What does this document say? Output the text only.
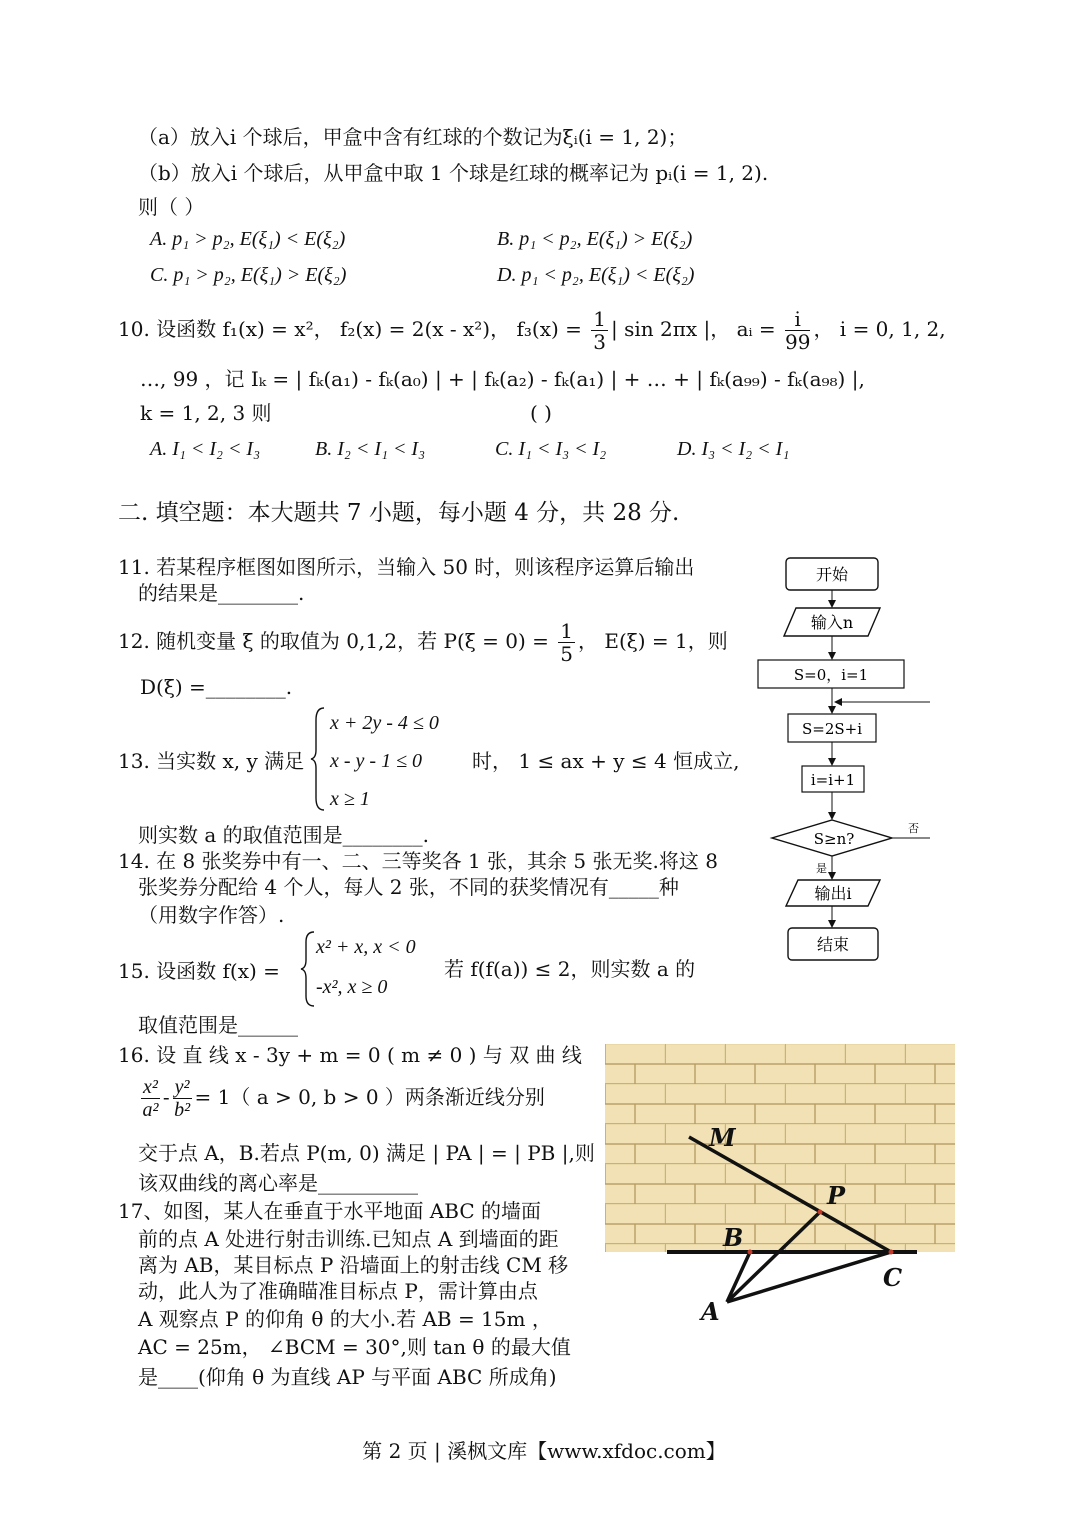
（a）放入i 个球后，甲盒中含有红球的个数记为ξᵢ(i = 1, 2)；
（b）放入i 个球后，从甲盒中取 1 个球是红球的概率记为 pᵢ(i = 1, 2).
则（ ）
A. p₁ > p₂, E(ξ₁) < E(ξ₂)	B. p₁ < p₂, E(ξ₁) > E(ξ₂)
C. p₁ > p₂, E(ξ₁) > E(ξ₂)	D. p₁ < p₂, E(ξ₁) < E(ξ₂)
10. 设函数 f₁(x) = x²， f₂(x) = 2(x - x²)， $f_3(x) = \frac{1}{3}$ | sin 2πx |， aᵢ = $\frac{i}{99}$ ， i = 0, 1, 2,
…, 99 ，记 Iₖ = | fₖ(a₁) - fₖ(a₀) | + | fₖ(a₂) - fₖ(a₁) | + … + | fₖ(a₉₉) - fₖ(a₉₈) |,
k = 1, 2, 3 则	( )
A. I₁ < I₂ < I₃	B. I₂ < I₁ < I₃	C. I₁ < I₃ < I₂	D. I₃ < I₂ < I₁
二. 填空题：本大题共 7 小题，每小题 4 分，共 28 分.
11. 若某程序框图如图所示，当输入 50 时，则该程序运算后输出
的结果是________.
12. 随机变量 ξ 的取值为 0,1,2，若 $P(\xi = 0) = \frac{1}{5}$ ， E(ξ) = 1，则
D(ξ) =________.
13. 当实数 x, y 满足
x + 2y - 4 ≤ 0
x - y - 1 ≤ 0
x ≥ 1
时， 1 ≤ ax + y ≤ 4 恒成立,
则实数 a 的取值范围是________.
14. 在 8 张奖券中有一、二、三等奖各 1 张，其余 5 张无奖.将这 8
张奖券分配给 4 个人，每人 2 张，不同的获奖情况有_____种
（用数字作答）.
15. 设函数 f(x) =
x² + x, x < 0
-x², x ≥ 0
若 f(f(a)) ≤ 2，则实数 a 的
取值范围是______
16. 设 直 线 x - 3y + m = 0 ( m ≠ 0 ) 与 双 曲 线
$\frac{\text{x²}}{\text{a²}} - \frac{\text{y²}}{\text{b²}} = 1$（ a > 0, b > 0 ）两条渐近线分别
交于点 A，B.若点 P(m, 0) 满足 | PA | = | PB |,则
该双曲线的离心率是__________
17、如图，某人在垂直于水平地面 ABC 的墙面
前的点 A 处进行射击训练.已知点 A 到墙面的距
离为 AB，某目标点 P 沿墙面上的射击线 CM 移
动，此人为了准确瞄准目标点 P，需计算由点
A 观察点 P 的仰角 θ 的大小.若 AB = 15m ，
AC = 25m， ∠BCM = 30°,则 tan θ 的最大值
是____(仰角 θ 为直线 AP 与平面 ABC 所成角)
开始
输入n
S=0，i=1
S=2S+i
i=i+1
S≥n?
否
是
输出i
结束
M
P
B
C
A
第 2 页 | 溪枫文库【www.xfdoc.com】
